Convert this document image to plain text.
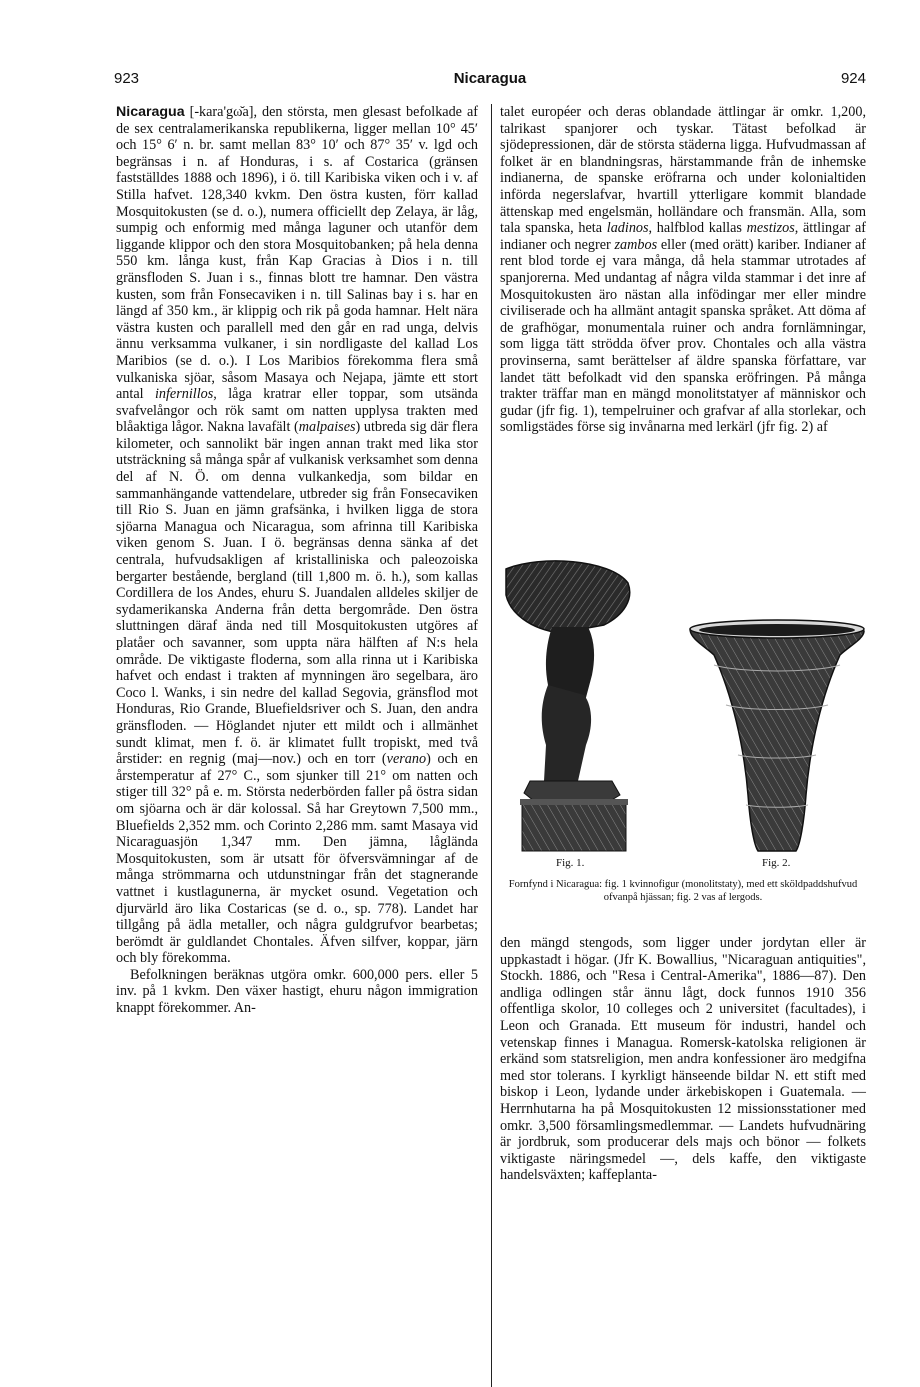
923	Nicaragua	924

Nicaragua [-kara'gω̆a], den största, men glesast befolkade af de sex centralamerikanska republikerna, ligger mellan 10° 45′ och 15° 6′ n. br. samt mellan 83° 10′ och 87° 35′ v. lgd och begränsas i n. af Honduras, i s. af Costarica (gränsen fastställdes 1888 och 1896), i ö. till Karibiska viken och i v. af Stilla hafvet. 128,340 kvkm. Den östra kusten, förr kallad Mosquitokusten (se d. o.), numera officiellt dep Zelaya, är låg, sumpig och enformig med många laguner och utanför dem liggande klippor och den stora Mosquitobanken; på hela denna 550 km. långa kust, från Kap Gracias à Dios i n. till gränsfloden S. Juan i s., finnas blott tre hamnar. Den västra kusten, som från Fonsecaviken i n. till Salinas bay i s. har en längd af 350 km., är klippig och rik på goda hamnar. Helt nära västra kusten och parallell med den går en rad unga, delvis ännu verksamma vulkaner, i sin nordligaste del kallad Los Maribios (se d. o.). I Los Maribios förekomma flera små vulkaniska sjöar, såsom Masaya och Nejapa, jämte ett stort antal infernillos, låga kratrar eller toppar, som utsända svafvelångor och rök samt om natten upplysa trakten med blåaktiga lågor. Nakna lavafält (malpaises) utbreda sig där flera kilometer, och sannolikt bär ingen annan trakt med lika stor utsträckning så många spår af vulkanisk verksamhet som denna del af N. Ö. om denna vulkankedja, som bildar en sammanhängande vattendelare, utbreder sig från Fonsecaviken till Rio S. Juan en jämn grafsänka, i hvilken ligga de stora sjöarna Managua och Nicaragua, som afrinna till Karibiska viken genom S. Juan. I ö. begränsas denna sänka af det centrala, hufvudsakligen af kristalliniska och paleozoiska bergarter bestående, bergland (till 1,800 m. ö. h.), som kallas Cordillera de los Andes, ehuru S. Juandalen alldeles skiljer de sydamerikanska Anderna från detta bergområde. Den östra sluttningen däraf ända ned till Mosquitokusten utgöres af platåer och savanner, som uppta nära hälften af N:s hela område. De viktigaste floderna, som alla rinna ut i Karibiska hafvet och endast i trakten af mynningen äro segelbara, äro Coco l. Wanks, i sin nedre del kallad Segovia, gränsflod mot Honduras, Rio Grande, Bluefieldsriver och S. Juan, den andra gränsfloden. — Höglandet njuter ett mildt och i allmänhet sundt klimat, men f. ö. är klimatet fullt tropiskt, med två årstider: en regnig (maj—nov.) och en torr (verano) och en årstemperatur af 27° C., som sjunker till 21° om natten och stiger till 32° på e. m. Största nederbörden faller på östra sidan om sjöarna och är där kolossal. Så har Greytown 7,500 mm., Bluefields 2,352 mm. och Corinto 2,286 mm. samt Masaya vid Nicaraguasjön 1,347 mm. Den jämna, låglända Mosquitokusten, som är utsatt för öfversvämningar af de många strömmarna och utdunstningar från det stagnerande vattnet i kustlagunerna, är mycket osund. Vegetation och djurvärld äro lika Costaricas (se d. o., sp. 778). Landet har tillgång på ädla metaller, och några guldgrufvor bearbetas; berömdt är guldlandet Chontales. Äfven silfver, koppar, järn och bly förekomma.

Befolkningen beräknas utgöra omkr. 600,000 pers. eller 5 inv. på 1 kvkm. Den växer hastigt, ehuru någon immigration knappt förekommer. An-

talet européer och deras oblandade ättlingar är omkr. 1,200, talrikast spanjorer och tyskar. Tätast befolkad är sjödepressionen, där de största städerna ligga. Hufvudmassan af folket är en blandningsras, härstammande från de inhemske indianerna, de spanske eröfrarna och under kolonialtiden införda negerslafvar, hvartill ytterligare kommit blandade ättenskap med engelsmän, holländare och fransmän. Alla, som tala spanska, heta ladinos, halfblod kallas mestizos, ättlingar af indianer och negrer zambos eller (med orätt) kariber. Indianer af rent blod torde ej vara många, då hela stammar utrotades af spanjorerna. Med undantag af några vilda stammar i det inre af Mosquitokusten äro nästan alla infödingar mer eller mindre civiliserade och ha allmänt antagit spanska språket. Att döma af de grafhögar, monumentala ruiner och andra fornlämningar, som ligga tätt strödda öfver prov. Chontales och alla västra provinserna, samt berättelser af äldre spanska författare, var landet tätt befolkadt vid den spanska eröfringen. På många trakter träffar man en mängd monolitstatyer af människor och gudar (jfr fig. 1), tempelruiner och grafvar af alla storlekar, och somligstädes förse sig invånarna med lerkärl (jfr fig. 2) af

Fig. 1.	Fig. 2.
Fornfynd i Nicaragua: fig. 1 kvinnofigur (monolitstaty), med ett sköldpaddshufvud ofvanpå hjässan; fig. 2 vas af lergods.

den mängd stengods, som ligger under jordytan eller är uppkastadt i högar. (Jfr K. Bowallius, "Nicaraguan antiquities", Stockh. 1886, och "Resa i Central-Amerika", 1886—87). Den andliga odlingen står ännu lågt, dock funnos 1910 356 offentliga skolor, 10 colleges och 2 universitet (facultades), i Leon och Granada. Ett museum för industri, handel och vetenskap finnes i Managua. Romersk-katolska religionen är erkänd som statsreligion, men andra konfessioner äro medgifna med stor tolerans. I kyrkligt hänseende bildar N. ett stift med biskop i Leon, lydande under ärkebiskopen i Guatemala. — Herrnhutarna ha på Mosquitokusten 12 missionsstationer med omkr. 3,500 församlingsmedlemmar. — Landets hufvudnäring är jordbruk, som producerar dels majs och bönor — folkets viktigaste näringsmedel —, dels kaffe, den viktigaste handelsväxten; kaffeplanta-
